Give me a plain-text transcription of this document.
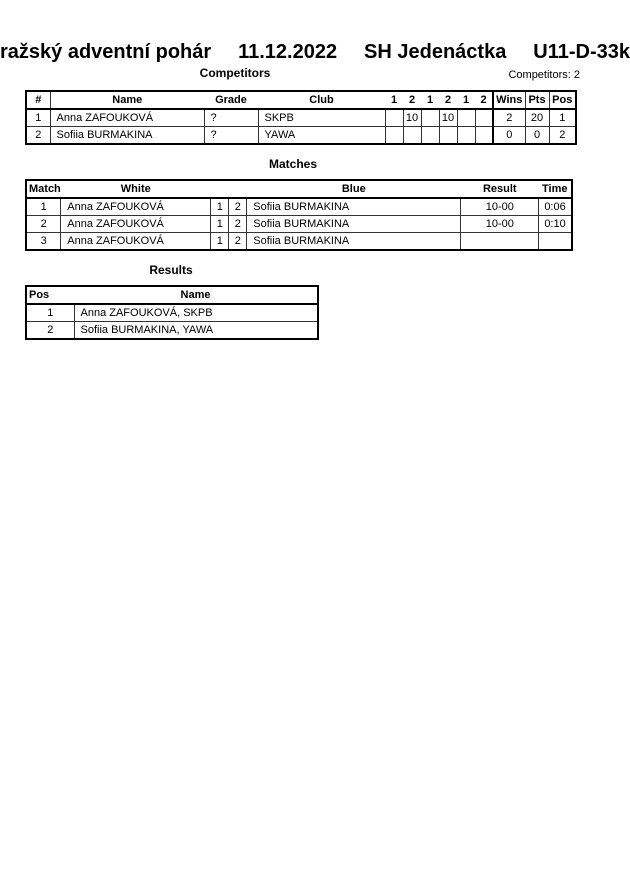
ražský adventní pohár 11.12.2022 SH Jedenáctka U11-D-33k
Competitors	Competitors: 2
#	Name	Grade	Club	1	2	1	2	1	2	Wins	Pts	Pos
1	Anna ZAFOUKOVÁ	?	SKPB		10		10			2	20	1
2	Sofiia BURMAKINA	?	YAWA							0	0	2
Matches
Match	White			Blue	Result	Time
1	Anna ZAFOUKOVÁ	1	2	Sofiia BURMAKINA	10-00	0:06
2	Anna ZAFOUKOVÁ	1	2	Sofiia BURMAKINA	10-00	0:10
3	Anna ZAFOUKOVÁ	1	2	Sofiia BURMAKINA		
Results
Pos	Name
1	Anna ZAFOUKOVÁ, SKPB
2	Sofiia BURMAKINA, YAWA
